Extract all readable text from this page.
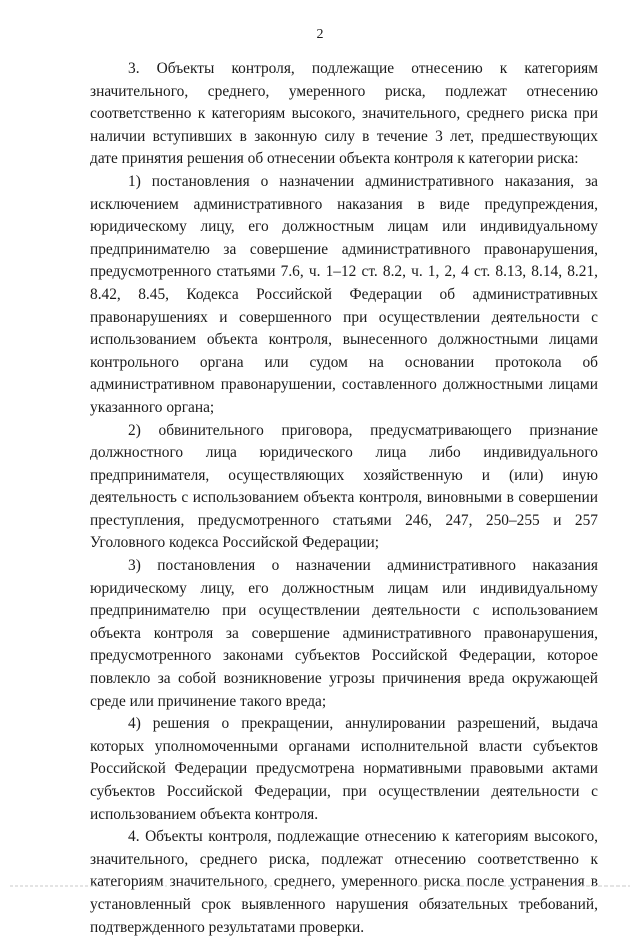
2

3. Объекты контроля, подлежащие отнесению к категориям значительного, среднего, умеренного риска, подлежат отнесению соответственно к категориям высокого, значительного, среднего риска при наличии вступивших в законную силу в течение 3 лет, предшествующих дате принятия решения об отнесении объекта контроля к категории риска:

1) постановления о назначении административного наказания, за исключением административного наказания в виде предупреждения, юридическому лицу, его должностным лицам или индивидуальному предпринимателю за совершение административного правонарушения, предусмотренного статьями 7.6, ч. 1–12 ст. 8.2, ч. 1, 2, 4 ст. 8.13, 8.14, 8.21, 8.42, 8.45, Кодекса Российской Федерации об административных правонарушениях и совершенного при осуществлении деятельности с использованием объекта контроля, вынесенного должностными лицами контрольного органа или судом на основании протокола об административном правонарушении, составленного должностными лицами указанного органа;

2) обвинительного приговора, предусматривающего признание должностного лица юридического лица либо индивидуального предпринимателя, осуществляющих хозяйственную и (или) иную деятельность с использованием объекта контроля, виновными в совершении преступления, предусмотренного статьями 246, 247, 250–255 и 257 Уголовного кодекса Российской Федерации;

3) постановления о назначении административного наказания юридическому лицу, его должностным лицам или индивидуальному предпринимателю при осуществлении деятельности с использованием объекта контроля за совершение административного правонарушения, предусмотренного законами субъектов Российской Федерации, которое повлекло за собой возникновение угрозы причинения вреда окружающей среде или причинение такого вреда;

4) решения о прекращении, аннулировании разрешений, выдача которых уполномоченными органами исполнительной власти субъектов Российской Федерации предусмотрена нормативными правовыми актами субъектов Российской Федерации, при осуществлении деятельности с использованием объекта контроля.

4. Объекты контроля, подлежащие отнесению к категориям высокого, значительного, среднего риска, подлежат отнесению соответственно к категориям значительного, среднего, умеренного риска после устранения в установленный срок выявленного нарушения обязательных требований, подтвержденного результатами проверки.
